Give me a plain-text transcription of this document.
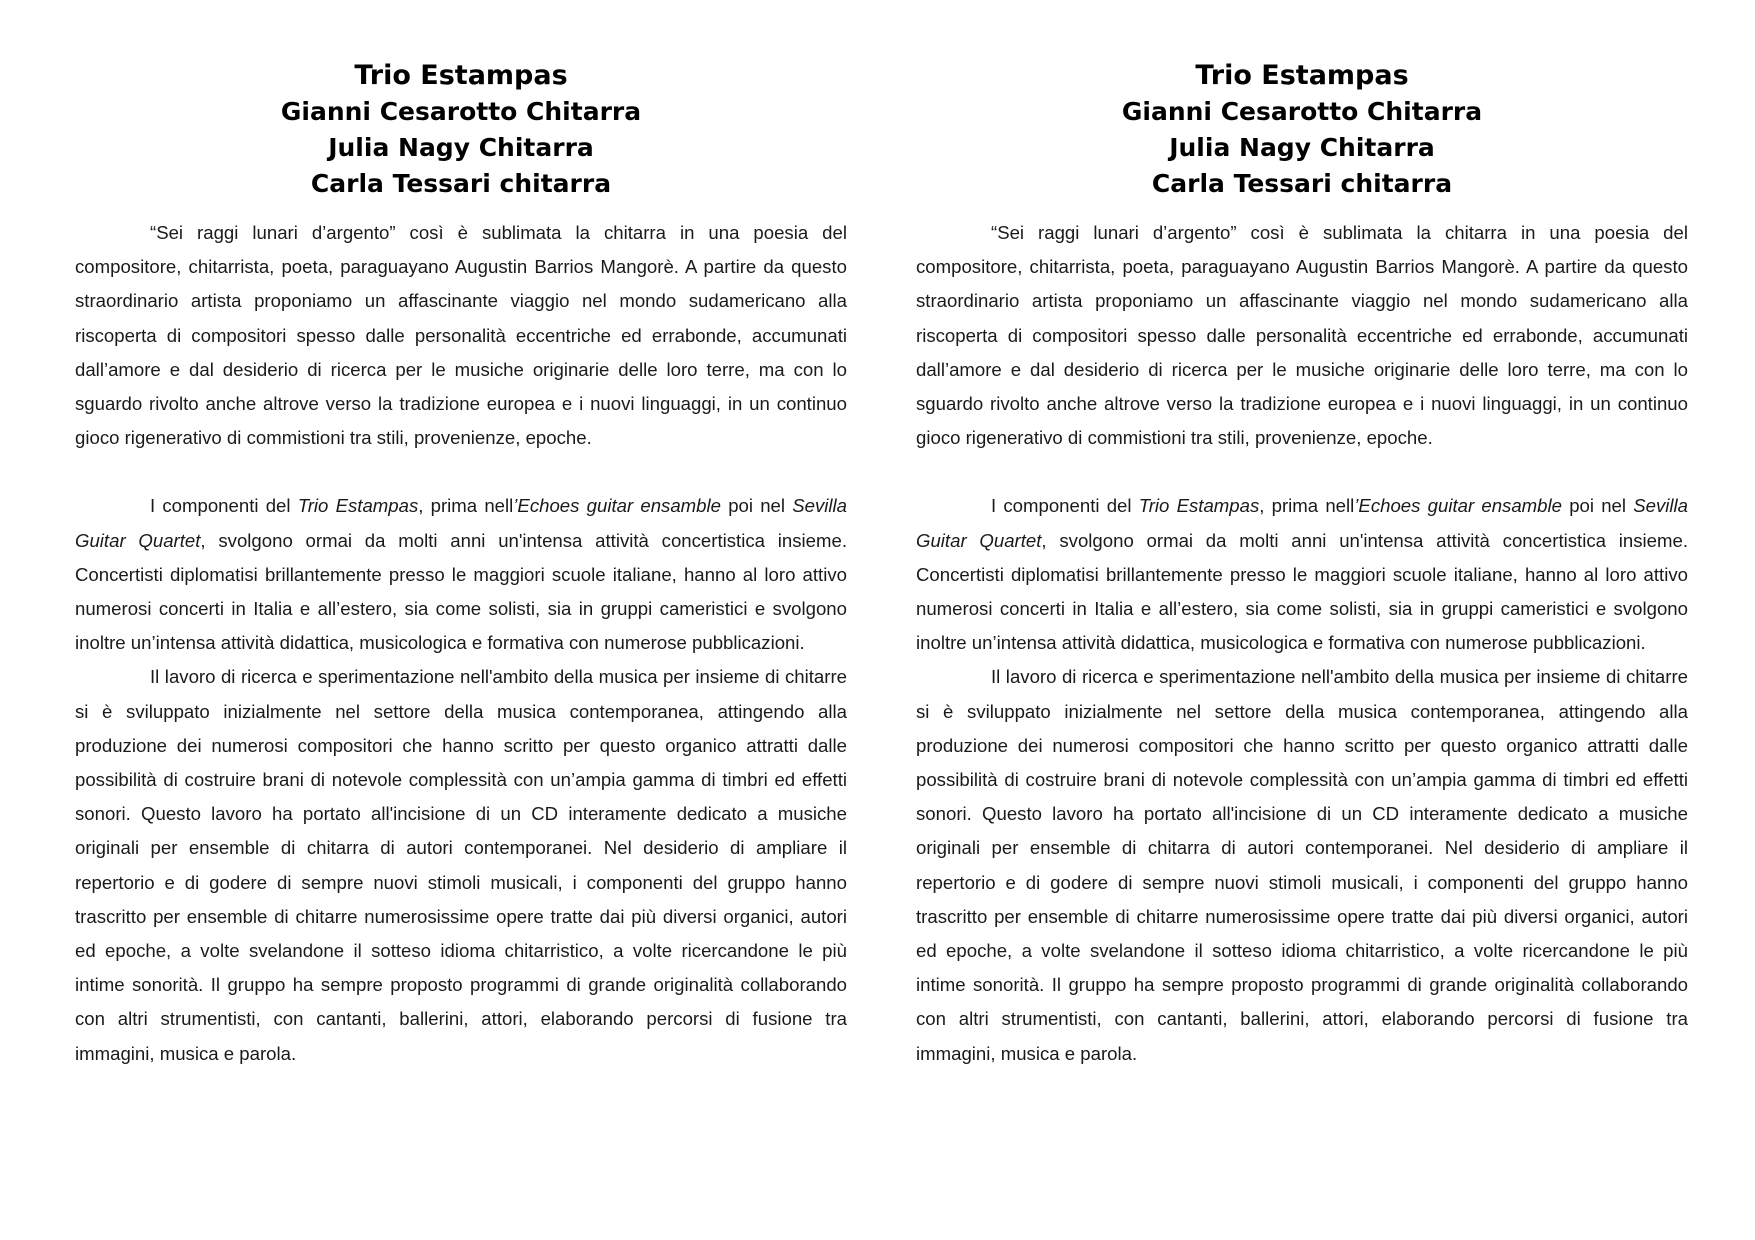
Trio Estampas
Gianni Cesarotto Chitarra
Julia Nagy Chitarra
Carla Tessari chitarra

“Sei raggi lunari d’argento” così è sublimata la chitarra in una poesia del compositore, chitarrista, poeta, paraguayano Augustin Barrios Mangorè. A partire da questo straordinario artista proponiamo un affascinante viaggio nel mondo sudamericano alla riscoperta di compositori spesso dalle personalità eccentriche ed errabonde, accumunati dall’amore e dal desiderio di ricerca per le musiche originarie delle loro terre, ma con lo sguardo rivolto anche altrove verso la tradizione europea e i nuovi linguaggi, in un continuo gioco rigenerativo di commistioni tra stili, provenienze, epoche.

I componenti del Trio Estampas, prima nell’Echoes guitar ensamble poi nel Sevilla Guitar Quartet, svolgono ormai da molti anni un'intensa attività concertistica insieme. Concertisti diplomatisi brillantemente presso le maggiori scuole italiane, hanno al loro attivo numerosi concerti in Italia e all’estero, sia come solisti, sia in gruppi cameristici e svolgono inoltre un’intensa attività didattica, musicologica e formativa con numerose pubblicazioni.

Il lavoro di ricerca e sperimentazione nell'ambito della musica per insieme di chitarre si è sviluppato inizialmente nel settore della musica contemporanea, attingendo alla produzione dei numerosi compositori che hanno scritto per questo organico attratti dalle possibilità di costruire brani di notevole complessità con un’ampia gamma di timbri ed effetti sonori. Questo lavoro ha portato all'incisione di un CD interamente dedicato a musiche originali per ensemble di chitarra di autori contemporanei. Nel desiderio di ampliare il repertorio e di godere di sempre nuovi stimoli musicali, i componenti del gruppo hanno trascritto per ensemble di chitarre numerosissime opere tratte dai più diversi organici, autori ed epoche, a volte svelandone il sotteso idioma chitarristico, a volte ricercandone le più intime sonorità. Il gruppo ha sempre proposto programmi di grande originalità collaborando con altri strumentisti, con cantanti, ballerini, attori, elaborando percorsi di fusione tra immagini, musica e parola.

Trio Estampas
Gianni Cesarotto Chitarra
Julia Nagy Chitarra
Carla Tessari chitarra

“Sei raggi lunari d’argento” così è sublimata la chitarra in una poesia del compositore, chitarrista, poeta, paraguayano Augustin Barrios Mangorè. A partire da questo straordinario artista proponiamo un affascinante viaggio nel mondo sudamericano alla riscoperta di compositori spesso dalle personalità eccentriche ed errabonde, accumunati dall’amore e dal desiderio di ricerca per le musiche originarie delle loro terre, ma con lo sguardo rivolto anche altrove verso la tradizione europea e i nuovi linguaggi, in un continuo gioco rigenerativo di commistioni tra stili, provenienze, epoche.

I componenti del Trio Estampas, prima nell’Echoes guitar ensamble poi nel Sevilla Guitar Quartet, svolgono ormai da molti anni un'intensa attività concertistica insieme. Concertisti diplomatisi brillantemente presso le maggiori scuole italiane, hanno al loro attivo numerosi concerti in Italia e all’estero, sia come solisti, sia in gruppi cameristici e svolgono inoltre un’intensa attività didattica, musicologica e formativa con numerose pubblicazioni.

Il lavoro di ricerca e sperimentazione nell'ambito della musica per insieme di chitarre si è sviluppato inizialmente nel settore della musica contemporanea, attingendo alla produzione dei numerosi compositori che hanno scritto per questo organico attratti dalle possibilità di costruire brani di notevole complessità con un’ampia gamma di timbri ed effetti sonori. Questo lavoro ha portato all'incisione di un CD interamente dedicato a musiche originali per ensemble di chitarra di autori contemporanei. Nel desiderio di ampliare il repertorio e di godere di sempre nuovi stimoli musicali, i componenti del gruppo hanno trascritto per ensemble di chitarre numerosissime opere tratte dai più diversi organici, autori ed epoche, a volte svelandone il sotteso idioma chitarristico, a volte ricercandone le più intime sonorità. Il gruppo ha sempre proposto programmi di grande originalità collaborando con altri strumentisti, con cantanti, ballerini, attori, elaborando percorsi di fusione tra immagini, musica e parola.
